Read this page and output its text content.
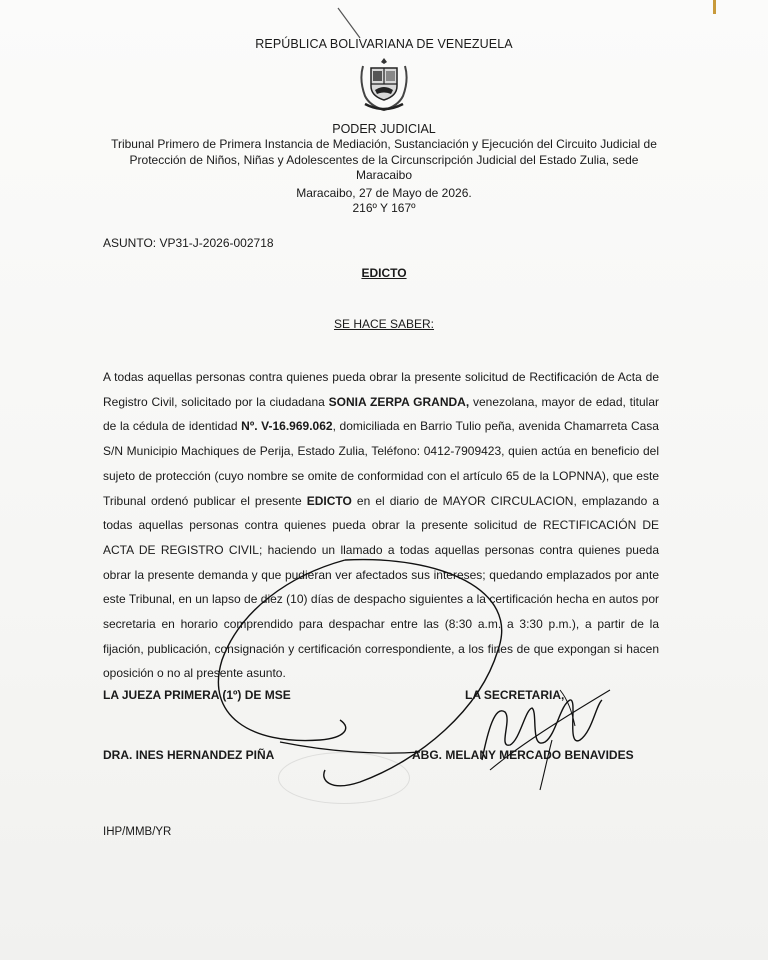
REPÚBLICA BOLIVARIANA DE VENEZUELA
PODER JUDICIAL
Tribunal Primero de Primera Instancia de Mediación, Sustanciación y Ejecución del Circuito Judicial de Protección de Niños, Niñas y Adolescentes de la Circunscripción Judicial del Estado Zulia, sede Maracaibo
Maracaibo, 27 de Mayo de 2026.
216º Y 167º
ASUNTO: VP31-J-2026-002718
EDICTO
SE HACE SABER:
A todas aquellas personas contra quienes pueda obrar la presente solicitud de Rectificación de Acta de Registro Civil, solicitado por la ciudadana SONIA ZERPA GRANDA, venezolana, mayor de edad, titular de la cédula de identidad Nº. V-16.969.062, domiciliada en Barrio Tulio peña, avenida Chamarreta Casa S/N Municipio Machiques de Perija, Estado Zulia, Teléfono: 0412-7909423, quien actúa en beneficio del sujeto de protección (cuyo nombre se omite de conformidad con el artículo 65 de la LOPNNA), que este Tribunal ordenó publicar el presente EDICTO en el diario de MAYOR CIRCULACION, emplazando a todas aquellas personas contra quienes pueda obrar la presente solicitud de RECTIFICACIÓN DE ACTA DE REGISTRO CIVIL; haciendo un llamado a todas aquellas personas contra quienes pueda obrar la presente demanda y que pudieran ver afectados sus intereses; quedando emplazados por ante este Tribunal, en un lapso de diez (10) días de despacho siguientes a la certificación hecha en autos por secretaria en horario comprendido para despachar entre las (8:30 a.m. a 3:30 p.m.), a partir de la fijación, publicación, consignación y certificación correspondiente, a los fines de que expongan si hacen oposición o no al presente asunto.
LA JUEZA PRIMERA (1º) DE MSE	LA SECRETARIA,
DRA. INES HERNANDEZ PIÑA	ABG. MELANY MERCADO BENAVIDES
IHP/MMB/YR
